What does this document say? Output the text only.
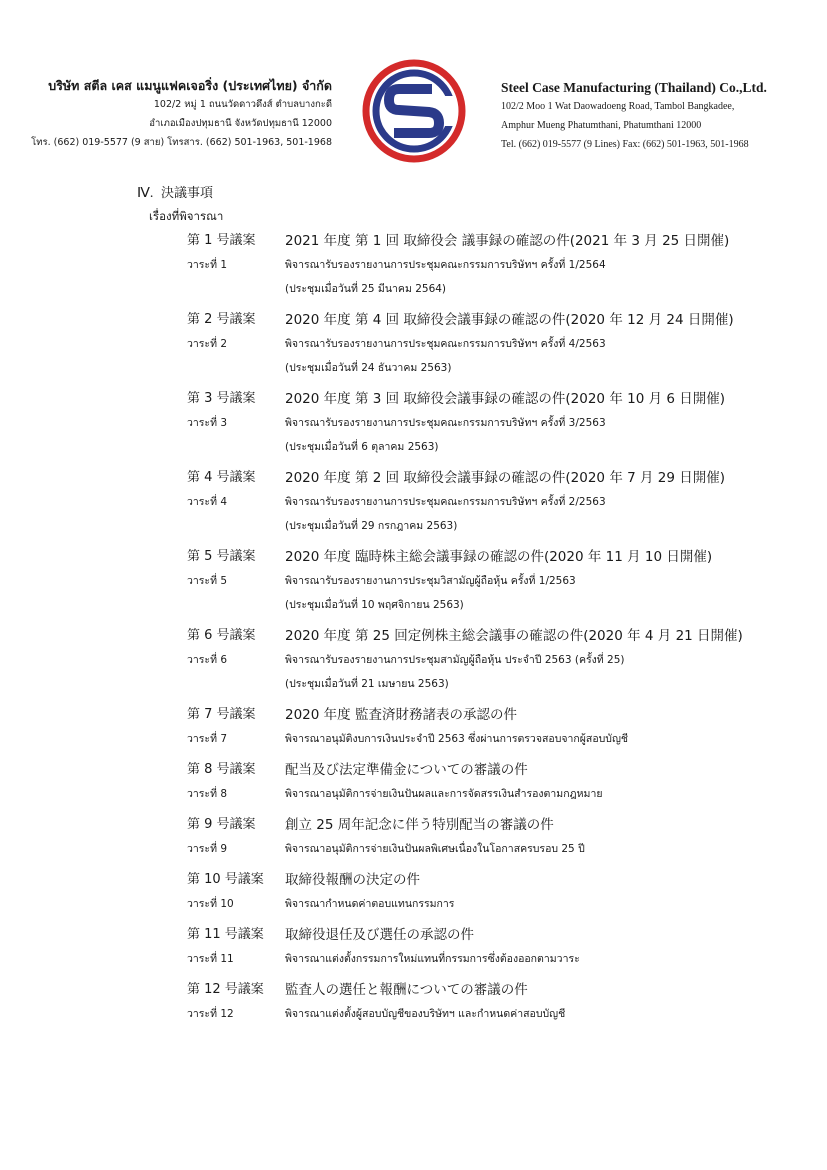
บริษัท สตีล เคส แมนูแฟคเจอริ่ง (ประเทศไทย) จำกัด
102/2 หมู่ 1 ถนนวัดดาวดึงส์ ตำบลบางกะดี
อำเภอเมืองปทุมธานี จังหวัดปทุมธานี 12000
โทร. (662) 019-5577 (9 สาย) โทรสาร. (662) 501-1963, 501-1968
Steel Case Manufacturing (Thailand) Co.,Ltd.
102/2 Moo 1 Wat Daowadoeng Road, Tambol Bangkadee,
Amphur Mueng Phatumthani, Phatumthani 12000
Tel. (662) 019-5577 (9 Lines) Fax: (662) 501-1963, 501-1968
Ⅳ. 決議事項
เรื่องที่พิจารณา
第 1 号議案 2021 年度 第 1 回 取締役会 議事録の確認の件(2021 年 3 月 25 日開催)
วาระที่ 1	พิจารณารับรองรายงานการประชุมคณะกรรมการบริษัทฯ ครั้งที่ 1/2564
(ประชุมเมื่อวันที่ 25 มีนาคม 2564)
第 2 号議案 2020 年度 第 4 回 取締役会議事録の確認の件(2020 年 12 月 24 日開催)
วาระที่ 2	พิจารณารับรองรายงานการประชุมคณะกรรมการบริษัทฯ ครั้งที่ 4/2563
(ประชุมเมื่อวันที่ 24 ธันวาคม 2563)
第 3 号議案 2020 年度 第 3 回 取締役会議事録の確認の件(2020 年 10 月 6 日開催)
วาระที่ 3	พิจารณารับรองรายงานการประชุมคณะกรรมการบริษัทฯ ครั้งที่ 3/2563
(ประชุมเมื่อวันที่ 6 ตุลาคม 2563)
第 4 号議案 2020 年度 第 2 回 取締役会議事録の確認の件(2020 年 7 月 29 日開催)
วาระที่ 4	พิจารณารับรองรายงานการประชุมคณะกรรมการบริษัทฯ ครั้งที่ 2/2563
(ประชุมเมื่อวันที่ 29 กรกฎาคม 2563)
第 5 号議案 2020 年度 臨時株主総会議事録の確認の件(2020 年 11 月 10 日開催)
วาระที่ 5	พิจารณารับรองรายงานการประชุมวิสามัญผู้ถือหุ้น ครั้งที่ 1/2563
(ประชุมเมื่อวันที่ 10 พฤศจิกายน 2563)
第 6 号議案 2020 年度 第 25 回定例株主総会議事の確認の件(2020 年 4 月 21 日開催)
วาระที่ 6	พิจารณารับรองรายงานการประชุมสามัญผู้ถือหุ้น ประจำปี 2563 (ครั้งที่ 25)
(ประชุมเมื่อวันที่ 21 เมษายน 2563)
第 7 号議案 2020 年度 監査済財務諸表の承認の件
วาระที่ 7	พิจารณาอนุมัติงบการเงินประจำปี 2563 ซึ่งผ่านการตรวจสอบจากผู้สอบบัญชี
第 8 号議案 配当及び法定準備金についての審議の件
วาระที่ 8	พิจารณาอนุมัติการจ่ายเงินปันผลและการจัดสรรเงินสำรองตามกฎหมาย
第 9 号議案 創立 25 周年記念に伴う特別配当の審議の件
วาระที่ 9	พิจารณาอนุมัติการจ่ายเงินปันผลพิเศษเนื่องในโอกาสครบรอบ 25 ปี
第 10 号議案 取締役報酬の決定の件
วาระที่ 10	พิจารณากำหนดค่าตอบแทนกรรมการ
第 11 号議案 取締役退任及び選任の承認の件
วาระที่ 11	พิจารณาแต่งตั้งกรรมการใหม่แทนที่กรรมการซึ่งต้องออกตามวาระ
第 12 号議案 監査人の選任と報酬についての審議の件
วาระที่ 12	พิจารณาแต่งตั้งผู้สอบบัญชีของบริษัทฯ และกำหนดค่าสอบบัญชี
